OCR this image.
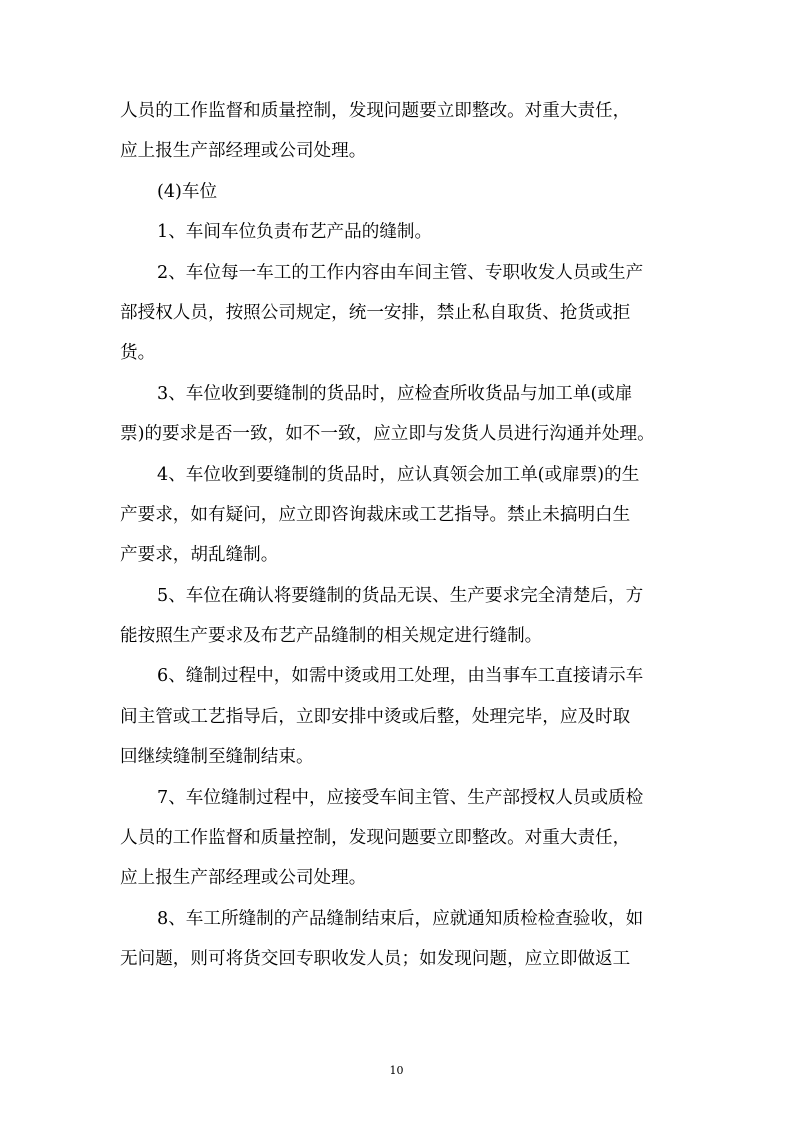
人员的工作监督和质量控制，发现问题要立即整改。对重大责任，
应上报生产部经理或公司处理。
(4)车位
1、车间车位负责布艺产品的缝制。
2、车位每一车工的工作内容由车间主管、专职收发人员或生产
部授权人员，按照公司规定，统一安排，禁止私自取货、抢货或拒
货。
3、车位收到要缝制的货品时，应检查所收货品与加工单(或扉
票)的要求是否一致，如不一致，应立即与发货人员进行沟通并处理。
4、车位收到要缝制的货品时，应认真领会加工单(或扉票)的生
产要求，如有疑问，应立即咨询裁床或工艺指导。禁止未搞明白生
产要求，胡乱缝制。
5、车位在确认将要缝制的货品无误、生产要求完全清楚后，方
能按照生产要求及布艺产品缝制的相关规定进行缝制。
6、缝制过程中，如需中烫或用工处理，由当事车工直接请示车
间主管或工艺指导后，立即安排中烫或后整，处理完毕，应及时取
回继续缝制至缝制结束。
7、车位缝制过程中，应接受车间主管、生产部授权人员或质检
人员的工作监督和质量控制，发现问题要立即整改。对重大责任，
应上报生产部经理或公司处理。
8、车工所缝制的产品缝制结束后，应就通知质检检查验收，如
无问题，则可将货交回专职收发人员；如发现问题，应立即做返工
10
